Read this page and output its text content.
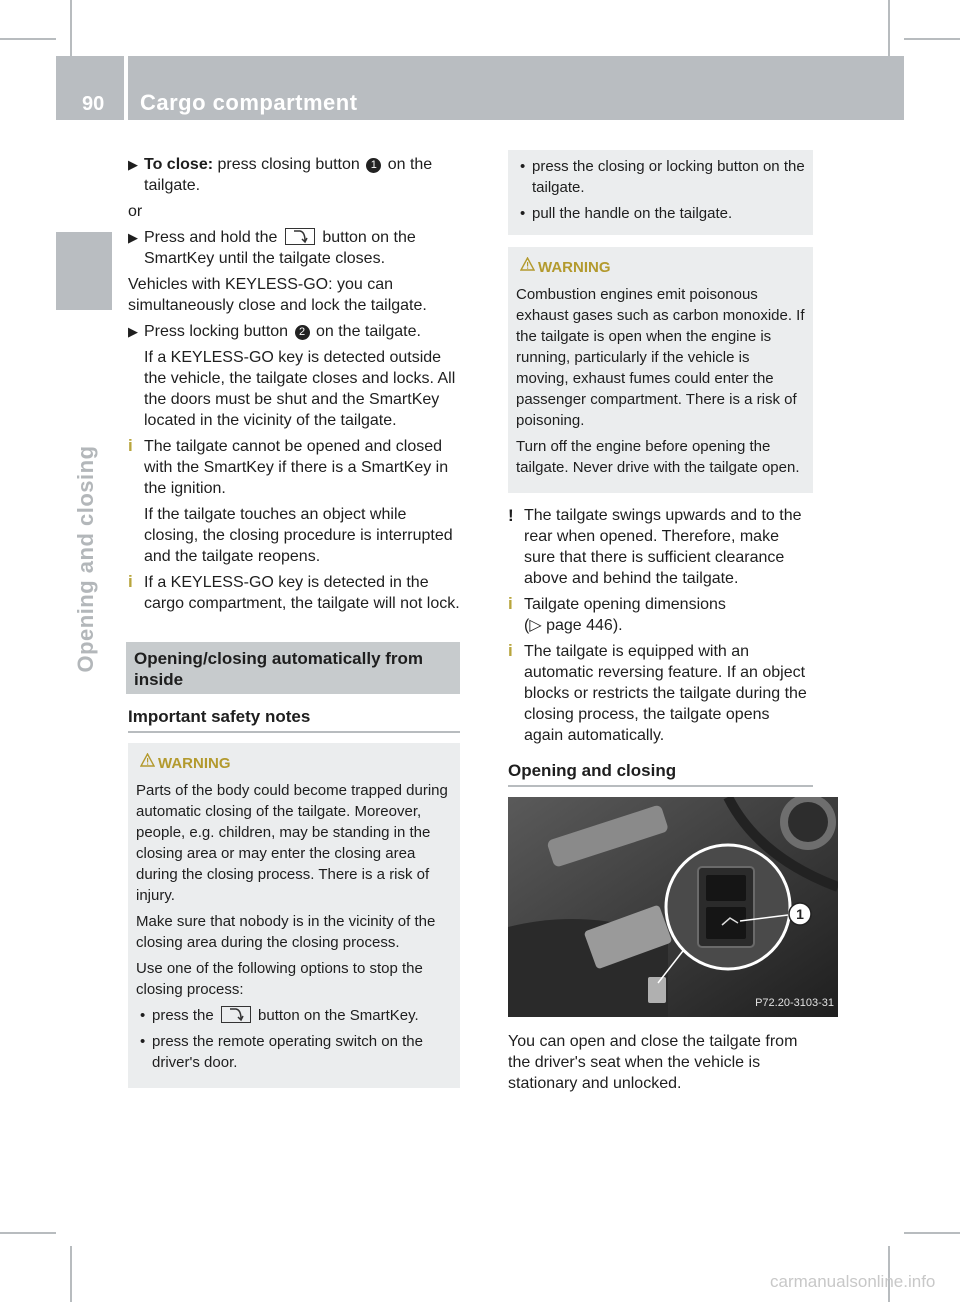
90 Cargo compartment
Opening and closing
▶ To close: press closing button 1 on the tailgate.
or
▶ Press and hold the
button on the SmartKey until the tailgate closes.
Vehicles with KEYLESS-GO: you can simultaneously close and lock the tailgate.
▶ Press locking button 2 on the tailgate.
If a KEYLESS-GO key is detected outside the vehicle, the tailgate closes and locks. All the doors must be shut and the SmartKey located in the vicinity of the tailgate.
i The tailgate cannot be opened and closed with the SmartKey if there is a SmartKey in the ignition.
If the tailgate touches an object while closing, the closing procedure is interrupted and the tailgate reopens.
i If a KEYLESS-GO key is detected in the cargo compartment, the tailgate will not lock.
Opening/closing automatically from inside
Important safety notes
WARNING

Parts of the body could become trapped during automatic closing of the tailgate. Moreover, people, e.g. children, may be standing in the closing area or may enter the closing area during the closing process. There is a risk of injury.

Make sure that nobody is in the vicinity of the closing area during the closing process.

Use one of the following options to stop the closing process:

• press the
button on the SmartKey.
• press the remote operating switch on the driver's door.
• press the closing or locking button on the tailgate.
• pull the handle on the tailgate.
WARNING

Combustion engines emit poisonous exhaust gases such as carbon monoxide. If the tailgate is open when the engine is running, particularly if the vehicle is moving, exhaust fumes could enter the passenger compartment. There is a risk of poisoning.

Turn off the engine before opening the tailgate. Never drive with the tailgate open.

! The tailgate swings upwards and to the rear when opened. Therefore, make sure that there is sufficient clearance above and behind the tailgate.
i Tailgate opening dimensions
(▷ page 446).
i The tailgate is equipped with an automatic reversing feature. If an object blocks or restricts the tailgate during the closing process, the tailgate opens again automatically.
Opening and closing
1
P72.20-3103-31
You can open and close the tailgate from the driver's seat when the vehicle is stationary and unlocked.
carmanualsonline.info
